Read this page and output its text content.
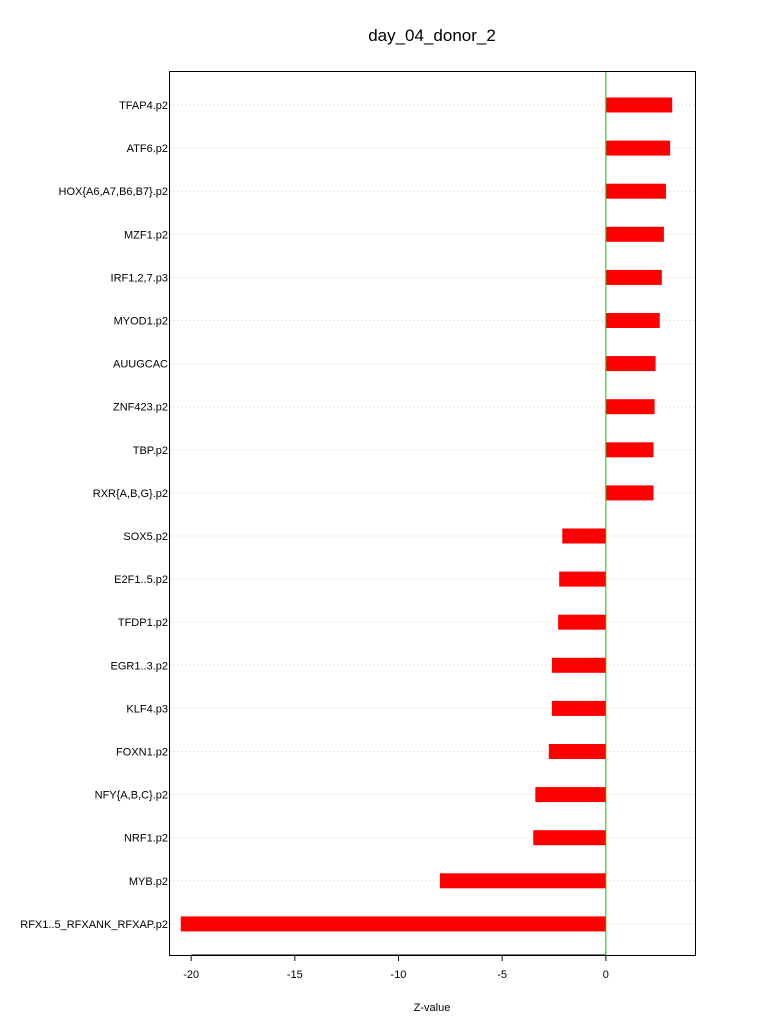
day_04_donor_2
TFAP4.p2
ATF6.p2
HOX{A6,A7,B6,B7}.p2
MZF1.p2
IRF1,2,7.p3
MYOD1.p2
AUUGCAC
ZNF423.p2
TBP.p2
RXR{A,B,G}.p2
SOX5.p2
E2F1..5.p2
TFDP1.p2
EGR1..3.p2
KLF4.p3
FOXN1.p2
NFY{A,B,C}.p2
NRF1.p2
MYB.p2
RFX1..5_RFXANK_RFXAP.p2
-20	-15	-10	-5	0
Z-value
